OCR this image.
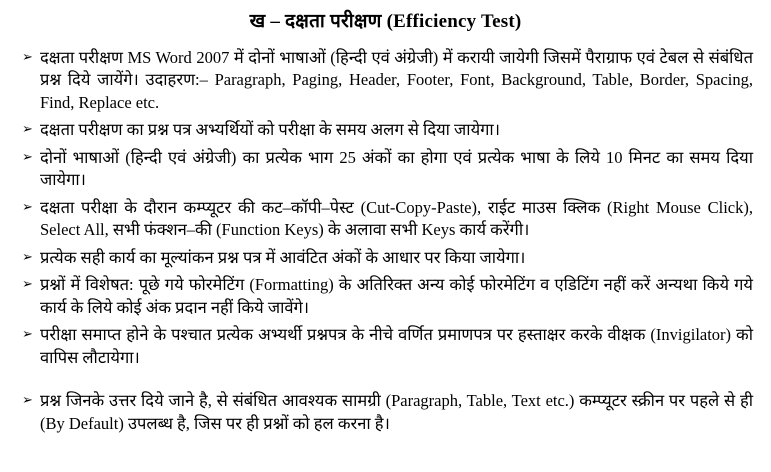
ख – दक्षता परीक्षण (Efficiency Test)
➢ दक्षता परीक्षण MS Word 2007 में दोनों भाषाओं (हिन्दी एवं अंग्रेजी) में करायी जायेगी जिसमें पैराग्राफ एवं टेबल से संबंधित प्रश्न दिये जायेंगे। उदाहरण:– Paragraph, Paging, Header, Footer, Font, Background, Table, Border, Spacing, Find, Replace etc.
➢ दक्षता परीक्षण का प्रश्न पत्र अभ्यर्थियों को परीक्षा के समय अलग से दिया जायेगा।
➢ दोनों भाषाओं (हिन्दी एवं अंग्रेजी) का प्रत्येक भाग 25 अंकों का होगा एवं प्रत्येक भाषा के लिये 10 मिनट का समय दिया जायेगा।
➢ दक्षता परीक्षा के दौरान कम्प्यूटर की कट–कॉपी–पेस्ट (Cut-Copy-Paste), राईट माउस क्लिक (Right Mouse Click), Select All, सभी फंक्शन–की (Function Keys) के अलावा सभी Keys कार्य करेंगी।
➢ प्रत्येक सही कार्य का मूल्यांकन प्रश्न पत्र में आवंटित अंकों के आधार पर किया जायेगा।
➢ प्रश्नों में विशेषत: पूछे गये फोरमेटिंग (Formatting) के अतिरिक्त अन्य कोई फोरमेटिंग व एडिटिंग नहीं करें अन्यथा किये गये कार्य के लिये कोई अंक प्रदान नहीं किये जावेंगे।
➢ परीक्षा समाप्त होने के पश्चात प्रत्येक अभ्यर्थी प्रश्नपत्र के नीचे वर्णित प्रमाणपत्र पर हस्ताक्षर करके वीक्षक (Invigilator) को वापिस लौटायेगा।
➢ प्रश्न जिनके उत्तर दिये जाने है, से संबंधित आवश्यक सामग्री (Paragraph, Table, Text etc.) कम्प्यूटर स्क्रीन पर पहले से ही (By Default) उपलब्ध है, जिस पर ही प्रश्नों को हल करना है।
